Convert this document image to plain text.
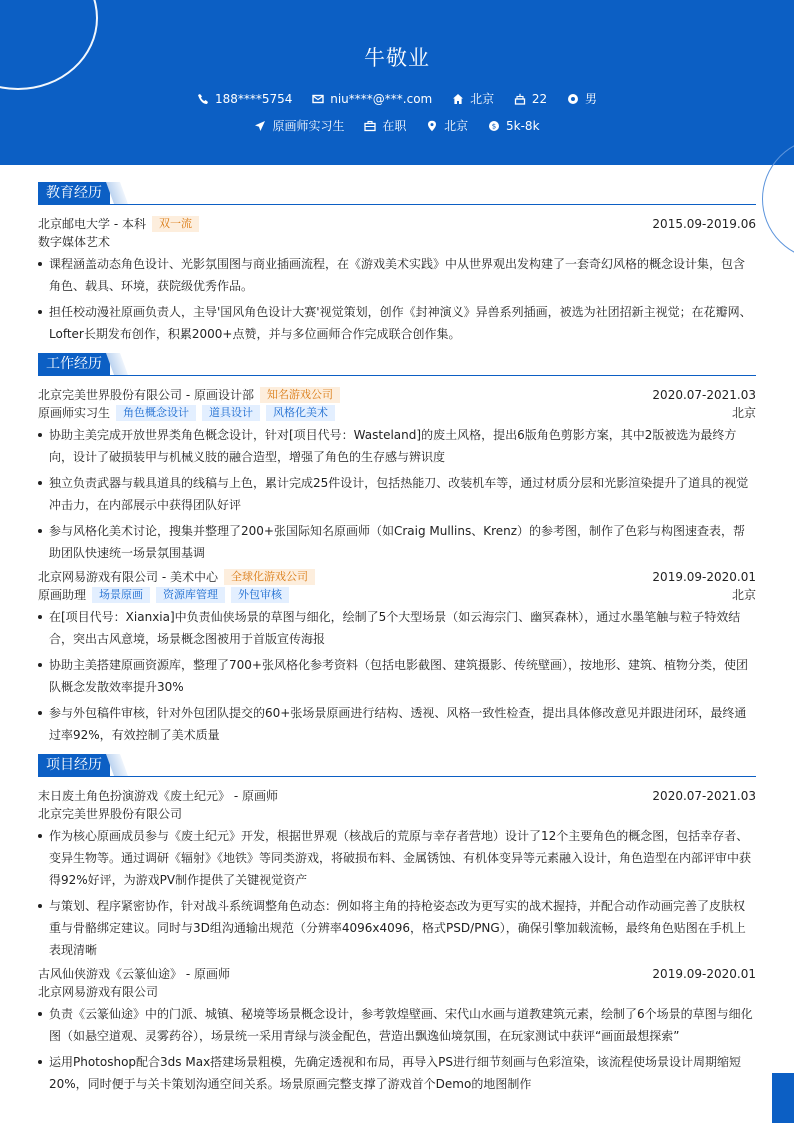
牛敬业
188****5754	niu****@***.com	北京	22	男
原画师实习生	在职	北京	$ 5k-8k
教育经历
北京邮电大学 - 本科	双一流	2015.09-2019.06
数字媒体艺术
课程涵盖动态角色设计、光影氛围图与商业插画流程，在《游戏美术实践》中从世界观出发构建了一套奇幻风格的概念设计集，包含角色、载具、环境，获院级优秀作品。
担任校动漫社原画负责人，主导'国风角色设计大赛'视觉策划，创作《封神演义》异兽系列插画，被选为社团招新主视觉；在花瓣网、Lofter长期发布创作，积累2000+点赞，并与多位画师合作完成联合创作集。
工作经历
北京完美世界股份有限公司 - 原画设计部	知名游戏公司	2020.07-2021.03
原画师实习生	角色概念设计	道具设计	风格化美术	北京
协助主美完成开放世界类角色概念设计，针对[项目代号：Wasteland]的废土风格，提出6版角色剪影方案，其中2版被选为最终方向，设计了破损装甲与机械义肢的融合造型，增强了角色的生存感与辨识度
独立负责武器与载具道具的线稿与上色，累计完成25件设计，包括热能刀、改装机车等，通过材质分层和光影渲染提升了道具的视觉冲击力，在内部展示中获得团队好评
参与风格化美术讨论，搜集并整理了200+张国际知名原画师（如Craig Mullins、Krenz）的参考图，制作了色彩与构图速查表，帮助团队快速统一场景氛围基调
北京网易游戏有限公司 - 美术中心	全球化游戏公司	2019.09-2020.01
原画助理	场景原画	资源库管理	外包审核	北京
在[项目代号：Xianxia]中负责仙侠场景的草图与细化，绘制了5个大型场景（如云海宗门、幽冥森林），通过水墨笔触与粒子特效结合，突出古风意境，场景概念图被用于首版宣传海报
协助主美搭建原画资源库，整理了700+张风格化参考资料（包括电影截图、建筑摄影、传统壁画），按地形、建筑、植物分类，使团队概念发散效率提升30%
参与外包稿件审核，针对外包团队提交的60+张场景原画进行结构、透视、风格一致性检查，提出具体修改意见并跟进闭环，最终通过率92%，有效控制了美术质量
项目经历
末日废土角色扮演游戏《废土纪元》 - 原画师	2020.07-2021.03
北京完美世界股份有限公司
作为核心原画成员参与《废土纪元》开发，根据世界观（核战后的荒原与幸存者营地）设计了12个主要角色的概念图，包括幸存者、变异生物等。通过调研《辐射》《地铁》等同类游戏，将破损布料、金属锈蚀、有机体变异等元素融入设计，角色造型在内部评审中获得92%好评，为游戏PV制作提供了关键视觉资产
与策划、程序紧密协作，针对战斗系统调整角色动态：例如将主角的持枪姿态改为更写实的战术握持，并配合动作动画完善了皮肤权重与骨骼绑定建议。同时与3D组沟通输出规范（分辨率4096x4096，格式PSD/PNG），确保引擎加载流畅，最终角色贴图在手机上表现清晰
古风仙侠游戏《云篆仙途》 - 原画师	2019.09-2020.01
北京网易游戏有限公司
负责《云篆仙途》中的门派、城镇、秘境等场景概念设计，参考敦煌壁画、宋代山水画与道教建筑元素，绘制了6个场景的草图与细化图（如悬空道观、灵雾药谷），场景统一采用青绿与淡金配色，营造出飘逸仙境氛围，在玩家测试中获评“画面最想探索”
运用Photoshop配合3ds Max搭建场景粗模，先确定透视和布局，再导入PS进行细节刻画与色彩渲染，该流程使场景设计周期缩短20%，同时便于与关卡策划沟通空间关系。场景原画完整支撑了游戏首个Demo的地图制作
